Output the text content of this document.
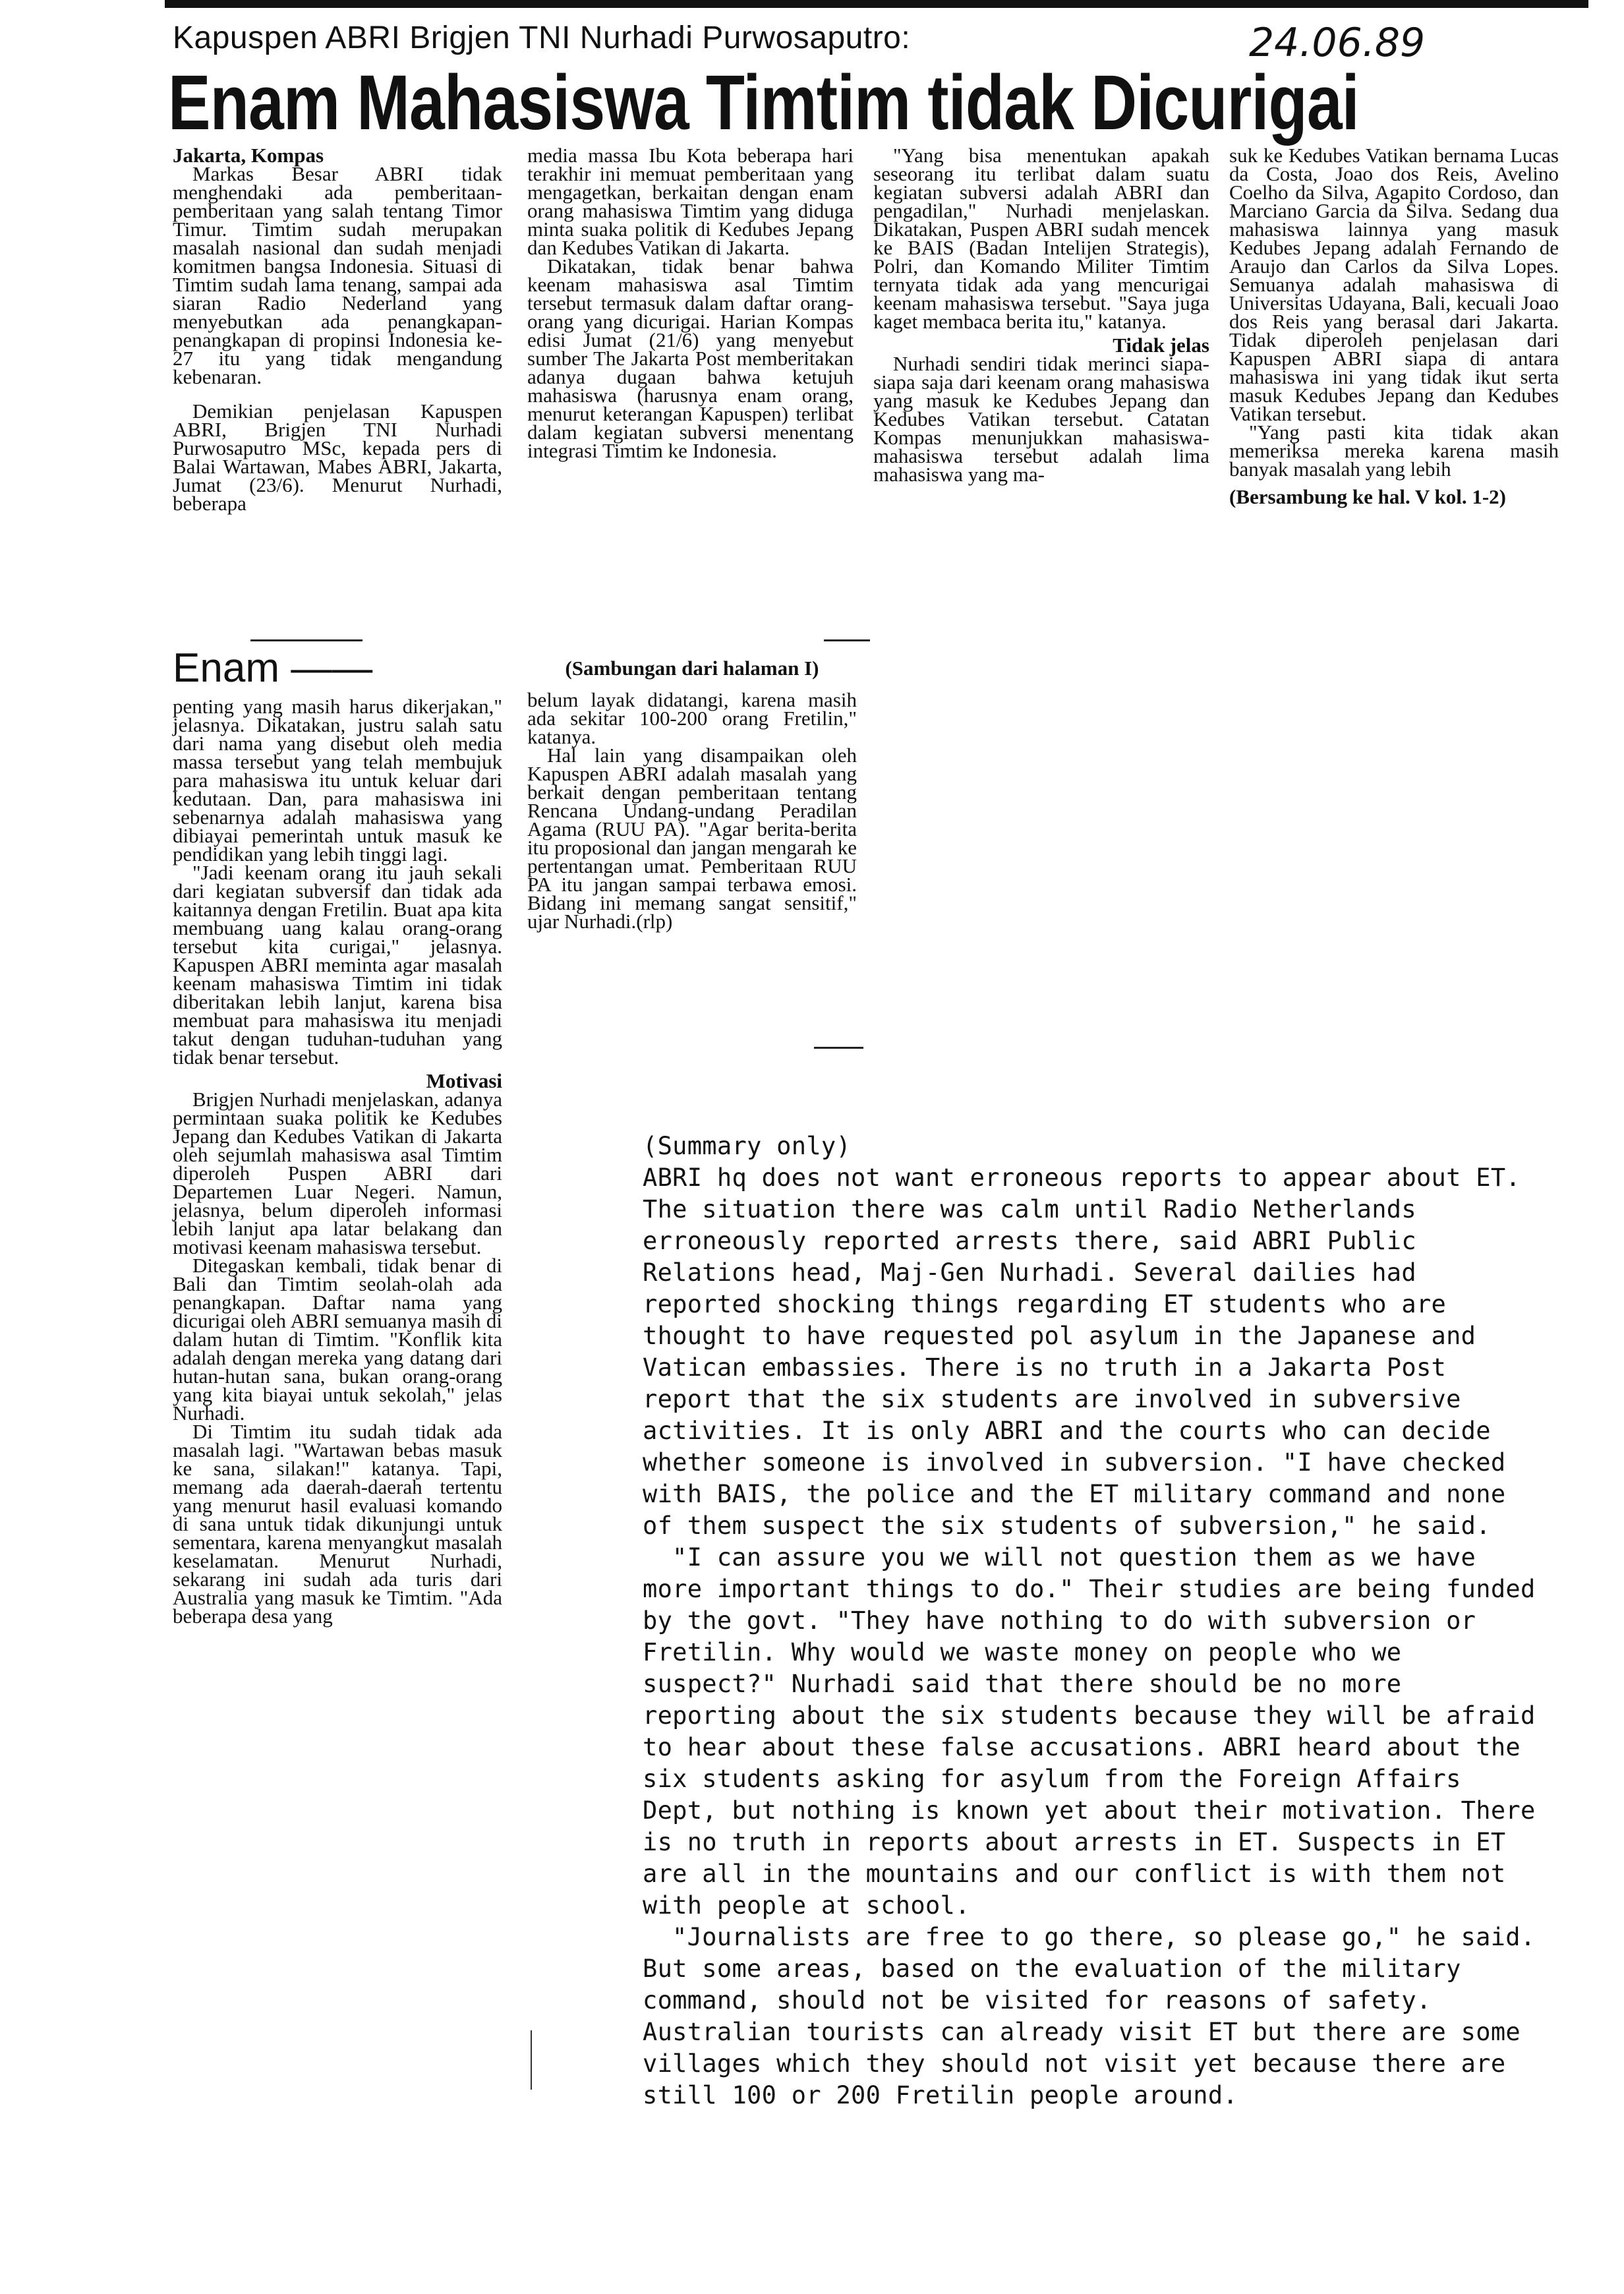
Kapuspen ABRI Brigjen TNI Nurhadi Purwosaputro:	24.06.89
Enam Mahasiswa Timtim tidak Dicurigai

Jakarta, Kompas

Markas Besar ABRI tidak menghendaki ada pemberitaan-pemberitaan yang salah tentang Timor Timur. Timtim sudah merupakan masalah nasional dan sudah menjadi komitmen bangsa Indonesia. Situasi di Timtim sudah lama tenang, sampai ada siaran Radio Nederland yang menyebutkan ada penangkapan-penangkapan di propinsi Indonesia ke-27 itu yang tidak mengandung kebenaran.

Demikian penjelasan Kapuspen ABRI, Brigjen TNI Nurhadi Purwosaputro MSc, kepada pers di Balai Wartawan, Mabes ABRI, Jakarta, Jumat (23/6). Menurut Nurhadi, beberapa

media massa Ibu Kota beberapa hari terakhir ini memuat pemberitaan yang mengagetkan, berkaitan dengan enam orang mahasiswa Timtim yang diduga minta suaka politik di Kedubes Jepang dan Kedubes Vatikan di Jakarta.

Dikatakan, tidak benar bahwa keenam mahasiswa asal Timtim tersebut termasuk dalam daftar orang-orang yang dicurigai. Harian Kompas edisi Jumat (21/6) yang menyebut sumber The Jakarta Post memberitakan adanya dugaan bahwa ketujuh mahasiswa (harusnya enam orang, menurut keterangan Kapuspen) terlibat dalam kegiatan subversi menentang integrasi Timtim ke Indonesia.

"Yang bisa menentukan apakah seseorang itu terlibat dalam suatu kegiatan subversi adalah ABRI dan pengadilan," Nurhadi menjelaskan. Dikatakan, Puspen ABRI sudah mencek ke BAIS (Badan Intelijen Strategis), Polri, dan Komando Militer Timtim ternyata tidak ada yang mencurigai keenam mahasiswa tersebut. "Saya juga kaget membaca berita itu," katanya.

Tidak jelas

Nurhadi sendiri tidak merinci siapa-siapa saja dari keenam orang mahasiswa yang masuk ke Kedubes Jepang dan Kedubes Vatikan tersebut. Catatan Kompas menunjukkan mahasiswa-mahasiswa tersebut adalah lima mahasiswa yang ma-

suk ke Kedubes Vatikan bernama Lucas da Costa, Joao dos Reis, Avelino Coelho da Silva, Agapito Cordoso, dan Marciano Garcia da Silva. Sedang dua mahasiswa lainnya yang masuk Kedubes Jepang adalah Fernando de Araujo dan Carlos da Silva Lopes. Semuanya adalah mahasiswa di Universitas Udayana, Bali, kecuali Joao dos Reis yang berasal dari Jakarta. Tidak diperoleh penjelasan dari Kapuspen ABRI siapa di antara mahasiswa ini yang tidak ikut serta masuk Kedubes Jepang dan Kedubes Vatikan tersebut.

"Yang pasti kita tidak akan memeriksa mereka karena masih banyak masalah yang lebih

(Bersambung ke hal. V kol. 1-2)

Enam ——

penting yang masih harus dikerjakan," jelasnya. Dikatakan, justru salah satu dari nama yang disebut oleh media massa tersebut yang telah membujuk para mahasiswa itu untuk keluar dari kedutaan. Dan, para mahasiswa ini sebenarnya adalah mahasiswa yang dibiayai pemerintah untuk masuk ke pendidikan yang lebih tinggi lagi.

"Jadi keenam orang itu jauh sekali dari kegiatan subversif dan tidak ada kaitannya dengan Fretilin. Buat apa kita membuang uang kalau orang-orang tersebut kita curigai," jelasnya. Kapuspen ABRI meminta agar masalah keenam mahasiswa Timtim ini tidak diberitakan lebih lanjut, karena bisa membuat para mahasiswa itu menjadi takut dengan tuduhan-tuduhan yang tidak benar tersebut.

Motivasi

Brigjen Nurhadi menjelaskan, adanya permintaan suaka politik ke Kedubes Jepang dan Kedubes Vatikan di Jakarta oleh sejumlah mahasiswa asal Timtim diperoleh Puspen ABRI dari Departemen Luar Negeri. Namun, jelasnya, belum diperoleh informasi lebih lanjut apa latar belakang dan motivasi keenam mahasiswa tersebut.

Ditegaskan kembali, tidak benar di Bali dan Timtim seolah-olah ada penangkapan. Daftar nama yang dicurigai oleh ABRI semuanya masih di dalam hutan di Timtim. "Konflik kita adalah dengan mereka yang datang dari hutan-hutan sana, bukan orang-orang yang kita biayai untuk sekolah," jelas Nurhadi.

Di Timtim itu sudah tidak ada masalah lagi. "Wartawan bebas masuk ke sana, silakan!" katanya. Tapi, memang ada daerah-daerah tertentu yang menurut hasil evaluasi komando di sana untuk tidak dikunjungi untuk sementara, karena menyangkut masalah keselamatan. Menurut Nurhadi, sekarang ini sudah ada turis dari Australia yang masuk ke Timtim. "Ada beberapa desa yang

(Sambungan dari halaman I)

belum layak didatangi, karena masih ada sekitar 100-200 orang Fretilin," katanya.

Hal lain yang disampaikan oleh Kapuspen ABRI adalah masalah yang berkait dengan pemberitaan tentang Rencana Undang-undang Peradilan Agama (RUU PA). "Agar berita-berita itu proposional dan jangan mengarah ke pertentangan umat. Pemberitaan RUU PA itu jangan sampai terbawa emosi. Bidang ini memang sangat sensitif," ujar Nurhadi.(rlp)

(Summary only)

ABRI hq does not want erroneous reports to appear about ET. The situation there was calm until Radio Netherlands erroneously reported arrests there, said ABRI Public Relations head, Maj-Gen Nurhadi. Several dailies had reported shocking things regarding ET students who are thought to have requested pol asylum in the Japanese and Vatican embassies. There is no truth in a Jakarta Post report that the six students are involved in subversive activities. It is only ABRI and the courts who can decide whether someone is involved in subversion. "I have checked with BAIS, the police and the ET military command and none of them suspect the six students of subversion," he said.

"I can assure you we will not question them as we have more important things to do." Their studies are being funded by the govt. "They have nothing to do with subversion or Fretilin. Why would we waste money on people who we suspect?" Nurhadi said that there should be no more reporting about the six students because they will be afraid to hear about these false accusations. ABRI heard about the six students asking for asylum from the Foreign Affairs Dept, but nothing is known yet about their motivation. There is no truth in reports about arrests in ET. Suspects in ET are all in the mountains and our conflict is with them not with people at school.

"Journalists are free to go there, so please go," he said. But some areas, based on the evaluation of the military command, should not be visited for reasons of safety. Australian tourists can already visit ET but there are some villages which they should not visit yet because there are still 100 or 200 Fretilin people around.
